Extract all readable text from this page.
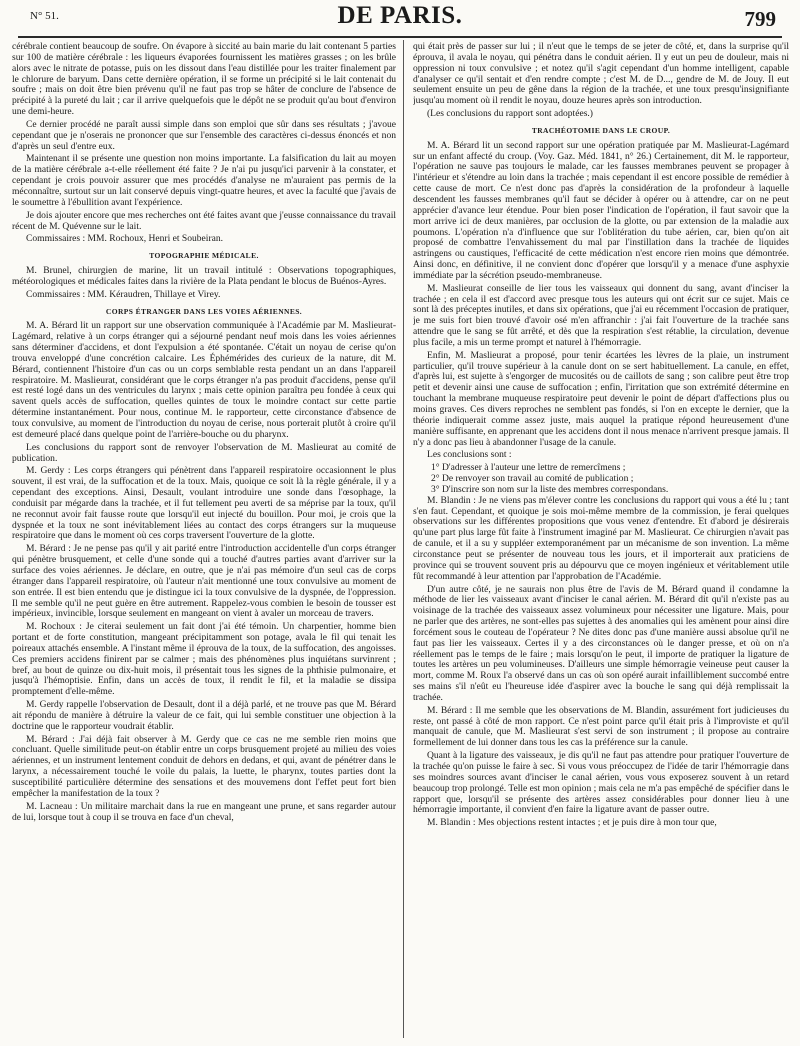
N° 51.	DE PARIS.	799

cérébrale contient beaucoup de soufre. On évapore à siccité au bain marie du lait contenant 5 parties sur 100 de matière cérébrale : les liqueurs évaporées fournissent les matières grasses ; on les brûle alors avec le nitrate de potasse, puis on les dissout dans l'eau distillée pour les traiter finalement par le chlorure de baryum. Dans cette dernière opération, il se forme un précipité si le lait contenait du soufre ; mais on doit être bien prévenu qu'il ne faut pas trop se hâter de conclure de l'absence de précipité à la pureté du lait ; car il arrive quelquefois que le dépôt ne se produit qu'au bout d'environ une demi-heure.

Ce dernier procédé ne paraît aussi simple dans son emploi que sûr dans ses résultats ; j'avoue cependant que je n'oserais ne prononcer que sur l'ensemble des caractères ci-dessus énoncés et non d'après un seul d'entre eux.

Maintenant il se présente une question non moins importante. La falsification du lait au moyen de la matière cérébrale a-t-elle réellement été faite ? Je n'ai pu jusqu'ici parvenir à la constater, et cependant je crois pouvoir assurer que mes procédés d'analyse ne m'auraient pas permis de la méconnaître, surtout sur un lait conservé depuis vingt-quatre heures, et avec la faculté que j'avais de le soumettre à l'ébullition avant l'expérience.

Je dois ajouter encore que mes recherches ont été faites avant que j'eusse connaissance du travail récent de M. Quévenne sur le lait.

Commissaires : MM. Rochoux, Henri et Soubeiran.

TOPOGRAPHIE MÉDICALE.

M. Brunel, chirurgien de marine, lit un travail intitulé : Observations topographiques, météorologiques et médicales faites dans la rivière de la Plata pendant le blocus de Buénos-Ayres.

Commissaires : MM. Kéraudren, Thillaye et Virey.

CORPS ÉTRANGER DANS LES VOIES AÉRIENNES.

M. A. Bérard lit un rapport sur une observation communiquée à l'Académie par M. Maslieurat-Lagémard, relative à un corps étranger qui a séjourné pendant neuf mois dans les voies aériennes sans déterminer d'accidens, et dont l'expulsion a été spontanée. C'était un noyau de cerise qu'on trouva enveloppé d'une concrétion calcaire. Les Éphémérides des curieux de la nature, dit M. Bérard, contiennent l'histoire d'un cas ou un corps semblable resta pendant un an dans l'appareil respiratoire. M. Maslieurat, considérant que le corps étranger n'a pas produit d'accidens, pense qu'il est resté logé dans un des ventricules du larynx ; mais cette opinion paraîtra peu fondée à ceux qui savent quels accès de suffocation, quelles quintes de toux le moindre contact sur cette partie détermine instantanément. Pour nous, continue M. le rapporteur, cette circonstance d'absence de toux convulsive, au moment de l'introduction du noyau de cerise, nous porterait plutôt à croire qu'il est demeuré placé dans quelque point de l'arrière-bouche ou du pharynx.

Les conclusions du rapport sont de renvoyer l'observation de M. Maslieurat au comité de publication.

M. Gerdy : Les corps étrangers qui pénètrent dans l'appareil respiratoire occasionnent le plus souvent, il est vrai, de la suffocation et de la toux. Mais, quoique ce soit là la règle générale, il y a cependant des exceptions. Ainsi, Desault, voulant introduire une sonde dans l'œsophage, la conduisit par mégarde dans la trachée, et il fut tellement peu averti de sa méprise par la toux, qu'il ne reconnut avoir fait fausse route que lorsqu'il eut injecté du bouillon. Pour moi, je crois que la dyspnée et la toux ne sont inévitablement liées au contact des corps étrangers sur la muqueuse respiratoire que dans le moment où ces corps traversent l'ouverture de la glotte.

M. Bérard : Je ne pense pas qu'il y ait parité entre l'introduction accidentelle d'un corps étranger qui pénètre brusquement, et celle d'une sonde qui a touché d'autres parties avant d'arriver sur la surface des voies aériennes. Je déclare, en outre, que je n'ai pas mémoire d'un seul cas de corps étranger dans l'appareil respiratoire, où l'auteur n'ait mentionné une toux convulsive au moment de son entrée. Il est bien entendu que je distingue ici la toux convulsive de la dyspnée, de l'oppression. Il me semble qu'il ne peut guère en être autrement. Rappelez-vous combien le besoin de tousser est impérieux, invincible, lorsque seulement en mangeant on vient à avaler un morceau de travers.

M. Rochoux : Je citerai seulement un fait dont j'ai été témoin. Un charpentier, homme bien portant et de forte constitution, mangeant précipitamment son potage, avala le fil qui tenait les poireaux attachés ensemble. A l'instant même il éprouva de la toux, de la suffocation, des angoisses. Ces premiers accidens finirent par se calmer ; mais des phénomènes plus inquiétans survinrent ; bref, au bout de quinze ou dix-huit mois, il présentait tous les signes de la phthisie pulmonaire, et jusqu'à l'hémoptisie. Enfin, dans un accès de toux, il rendit le fil, et la maladie se dissipa promptement d'elle-même.

M. Gerdy rappelle l'observation de Desault, dont il a déjà parlé, et ne trouve pas que M. Bérard ait répondu de manière à détruire la valeur de ce fait, qui lui semble constituer une objection à la doctrine que le rapporteur voudrait établir.

M. Bérard : J'ai déjà fait observer à M. Gerdy que ce cas ne me semble rien moins que concluant. Quelle similitude peut-on établir entre un corps brusquement projeté au milieu des voies aériennes, et un instrument lentement conduit de dehors en dedans, et qui, avant de pénétrer dans le larynx, a nécessairement touché le voile du palais, la luette, le pharynx, toutes parties dont la susceptibilité particulière détermine des sensations et des mouvemens dont l'effet peut fort bien empêcher la manifestation de la toux ?

M. Lacneau : Un militaire marchait dans la rue en mangeant une prune, et sans regarder autour de lui, lorsque tout à coup il se trouva en face d'un cheval,

qui était près de passer sur lui ; il n'eut que le temps de se jeter de côté, et, dans la surprise qu'il éprouva, il avala le noyau, qui pénétra dans le conduit aérien. Il y eut un peu de douleur, mais ni oppression ni toux convulsive ; et notez qu'il s'agit cependant d'un homme intelligent, capable d'analyser ce qu'il sentait et d'en rendre compte ; c'est M. de D..., gendre de M. de Jouy. Il eut seulement ensuite un peu de gêne dans la région de la trachée, et une toux presqu'insignifiante jusqu'au moment où il rendit le noyau, douze heures après son introduction.

(Les conclusions du rapport sont adoptées.)

TRACHÉOTOMIE DANS LE CROUP.

M. A. Bérard lit un second rapport sur une opération pratiquée par M. Maslieurat-Lagémard sur un enfant affecté du croup. (Voy. Gaz. Méd. 1841, n° 26.) Certainement, dit M. le rapporteur, l'opération ne sauve pas toujours le malade, car les fausses membranes peuvent se propager à l'intérieur et s'étendre au loin dans la trachée ; mais cependant il est encore possible de remédier à cette cause de mort. Ce n'est donc pas d'après la considération de la profondeur à laquelle descendent les fausses membranes qu'il faut se décider à opérer ou à attendre, car on ne peut apprécier d'avance leur étendue. Pour bien poser l'indication de l'opération, il faut savoir que la mort arrive ici de deux manières, par occlusion de la glotte, ou par extension de la maladie aux poumons. L'opération n'a d'influence que sur l'oblitération du tube aérien, car, bien qu'on ait proposé de combattre l'envahissement du mal par l'instillation dans la trachée de liquides astringens ou caustiques, l'efficacité de cette médication n'est encore rien moins que démontrée. Ainsi donc, en définitive, il ne convient donc d'opérer que lorsqu'il y a menace d'une asphyxie immédiate par la sécrétion pseudo-membraneuse.

M. Maslieurat conseille de lier tous les vaisseaux qui donnent du sang, avant d'inciser la trachée ; en cela il est d'accord avec presque tous les auteurs qui ont écrit sur ce sujet. Mais ce sont là des préceptes inutiles, et dans six opérations, que j'ai eu récemment l'occasion de pratiquer, je me suis fort bien trouvé d'avoir osé m'en affranchir : j'ai fait l'ouverture de la trachée sans attendre que le sang se fût arrêté, et dès que la respiration s'est rétablie, la circulation, devenue plus facile, a mis un terme prompt et naturel à l'hémorragie.

Enfin, M. Maslieurat a proposé, pour tenir écartées les lèvres de la plaie, un instrument particulier, qu'il trouve supérieur à la canule dont on se sert habituellement. La canule, en effet, d'après lui, est sujette à s'engorger de mucosités ou de caillots de sang ; son calibre peut être trop petit et devenir ainsi une cause de suffocation ; enfin, l'irritation que son extrémité détermine en touchant la membrane muqueuse respiratoire peut devenir le point de départ d'affections plus ou moins graves. Ces divers reproches ne semblent pas fondés, si l'on en excepte le dernier, que la théorie indiquerait comme assez juste, mais auquel la pratique répond heureusement d'une manière suffisante, en apprenant que les accidens dont il nous menace n'arrivent presque jamais. Il n'y a donc pas lieu à abandonner l'usage de la canule.

Les conclusions sont :

1° D'adresser à l'auteur une lettre de remercîmens ;

2° De renvoyer son travail au comité de publication ;

3° D'inscrire son nom sur la liste des membres correspondans.

M. Blandin : Je ne viens pas m'élever contre les conclusions du rapport qui vous a été lu ; tant s'en faut. Cependant, et quoique je sois moi-même membre de la commission, je ferai quelques observations sur les différentes propositions que vous venez d'entendre. Et d'abord je désirerais qu'une part plus large fût faite à l'instrument imaginé par M. Maslieurat. Ce chirurgien n'avait pas de canule, et il a su y suppléer extemporanément par un mécanisme de son invention. La même circonstance peut se présenter de nouveau tous les jours, et il importerait aux praticiens de province qui se trouvent souvent pris au dépourvu que ce moyen ingénieux et véritablement utile fût recommandé à leur attention par l'approbation de l'Académie.

D'un autre côté, je ne saurais non plus être de l'avis de M. Bérard quand il condamne la méthode de lier les vaisseaux avant d'inciser le canal aérien. M. Bérard dit qu'il n'existe pas au voisinage de la trachée des vaisseaux assez volumineux pour nécessiter une ligature. Mais, pour ne parler que des artères, ne sont-elles pas sujettes à des anomalies qui les amènent pour ainsi dire forcément sous le couteau de l'opérateur ? Ne dites donc pas d'une manière aussi absolue qu'il ne faut pas lier les vaisseaux. Certes il y a des circonstances où le danger presse, et où on n'a réellement pas le temps de le faire ; mais lorsqu'on le peut, il importe de pratiquer la ligature de toutes les artères un peu volumineuses. D'ailleurs une simple hémorragie veineuse peut causer la mort, comme M. Roux l'a observé dans un cas où son opéré aurait infailliblement succombé entre ses mains s'il n'eût eu l'heureuse idée d'aspirer avec la bouche le sang qui déjà remplissait la trachée.

M. Bérard : Il me semble que les observations de M. Blandin, assurément fort judicieuses du reste, ont passé à côté de mon rapport. Ce n'est point parce qu'il était pris à l'improviste et qu'il manquait de canule, que M. Maslieurat s'est servi de son instrument ; il propose au contraire formellement de lui donner dans tous les cas la préférence sur la canule.

Quant à la ligature des vaisseaux, je dis qu'il ne faut pas attendre pour pratiquer l'ouverture de la trachée qu'on puisse le faire à sec. Si vous vous préoccupez de l'idée de tarir l'hémorragie dans ses moindres sources avant d'inciser le canal aérien, vous vous exposerez souvent à un retard beaucoup trop prolongé. Telle est mon opinion ; mais cela ne m'a pas empêché de spécifier dans le rapport que, lorsqu'il se présente des artères assez considérables pour donner lieu à une hémorragie importante, il convient d'en faire la ligature avant de passer outre.

M. Blandin : Mes objections restent intactes ; et je puis dire à mon tour que,
